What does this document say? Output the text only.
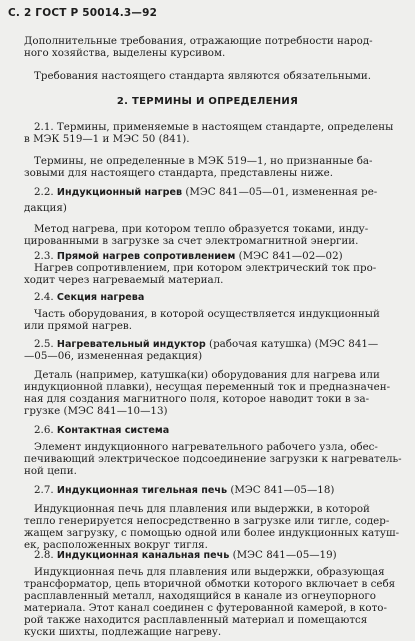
С. 2 ГОСТ Р 50014.3—92
Дополнительные требования, отражающие потребности народ-
ного хозяйства, выделены курсивом.
Требования настоящего стандарта являются обязательными.
2. ТЕРМИНЫ И ОПРЕДЕЛЕНИЯ
2.1. Термины, применяемые в настоящем стандарте, определены
в МЭК 519—1 и МЭС 50 (841).
Термины, не определенные в МЭК 519—1, но признанные ба-
зовыми для настоящего стандарта, представлены ниже.
2.2. Индукционный нагрев (МЭС 841—05—01, измененная ре-
дакция)
Метод нагрева, при котором тепло образуется токами, инду-
цированными в загрузке за счет электромагнитной энергии.
2.3. Прямой нагрев сопротивлением (МЭС 841—02—02)
Нагрев сопротивлением, при котором электрический ток про-
ходит через нагреваемый материал.
2.4. Секция нагрева
Часть оборудования, в которой осуществляется индукционный
или прямой нагрев.
2.5. Нагревательный индуктор (рабочая катушка) (МЭС 841—
—05—06, измененная редакция)
Деталь (например, катушка(ки) оборудования для нагрева или
индукционной плавки), несущая переменный ток и предназначен-
ная для создания магнитного поля, которое наводит токи в за-
грузке (МЭС 841—10—13)
2.6. Контактная система
Элемент индукционного нагревательного рабочего узла, обес-
печивающий электрическое подсоединение загрузки к нагреватель-
ной цепи.
2.7. Индукционная тигельная печь (МЭС 841—05—18)
Индукционная печь для плавления или выдержки, в которой
тепло генерируется непосредственно в загрузке или тигле, содер-
жащем загрузку, с помощью одной или более индукционных катуш-
ек, расположенных вокруг тигля.
2.8. Индукционная канальная печь (МЭС 841—05—19)
Индукционная печь для плавления или выдержки, образующая
трансформатор, цепь вторичной обмотки которого включает в себя
расплавленный металл, находящийся в канале из огнеупорного
материала. Этот канал соединен с футерованной камерой, в кото-
рой также находится расплавленный материал и помещаются
куски шихты, подлежащие нагреву.
